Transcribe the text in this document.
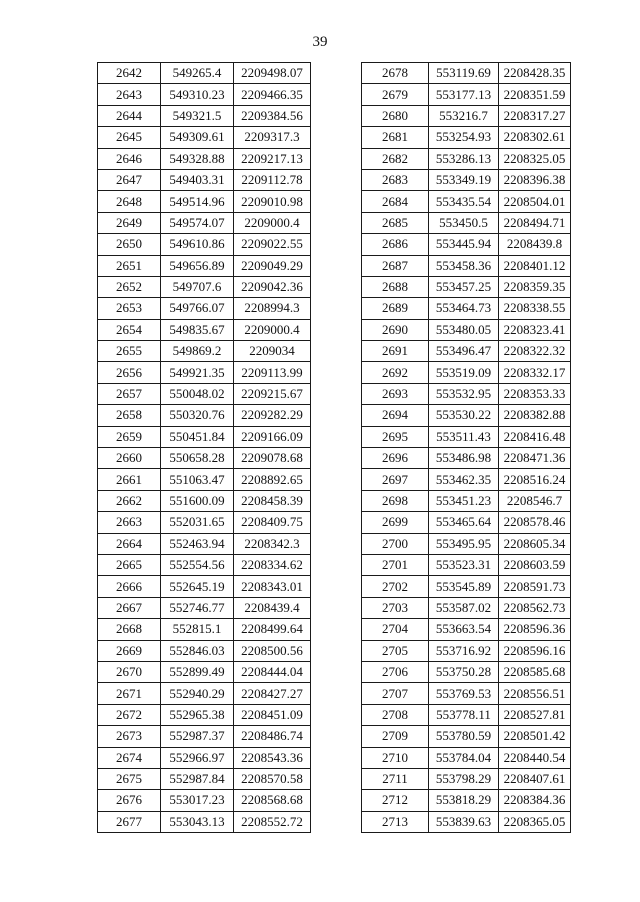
39
2642	549265.4	2209498.07
2643	549310.23	2209466.35
2644	549321.5	2209384.56
2645	549309.61	2209317.3
2646	549328.88	2209217.13
2647	549403.31	2209112.78
2648	549514.96	2209010.98
2649	549574.07	2209000.4
2650	549610.86	2209022.55
2651	549656.89	2209049.29
2652	549707.6	2209042.36
2653	549766.07	2208994.3
2654	549835.67	2209000.4
2655	549869.2	2209034
2656	549921.35	2209113.99
2657	550048.02	2209215.67
2658	550320.76	2209282.29
2659	550451.84	2209166.09
2660	550658.28	2209078.68
2661	551063.47	2208892.65
2662	551600.09	2208458.39
2663	552031.65	2208409.75
2664	552463.94	2208342.3
2665	552554.56	2208334.62
2666	552645.19	2208343.01
2667	552746.77	2208439.4
2668	552815.1	2208499.64
2669	552846.03	2208500.56
2670	552899.49	2208444.04
2671	552940.29	2208427.27
2672	552965.38	2208451.09
2673	552987.37	2208486.74
2674	552966.97	2208543.36
2675	552987.84	2208570.58
2676	553017.23	2208568.68
2677	553043.13	2208552.72
2678	553119.69	2208428.35
2679	553177.13	2208351.59
2680	553216.7	2208317.27
2681	553254.93	2208302.61
2682	553286.13	2208325.05
2683	553349.19	2208396.38
2684	553435.54	2208504.01
2685	553450.5	2208494.71
2686	553445.94	2208439.8
2687	553458.36	2208401.12
2688	553457.25	2208359.35
2689	553464.73	2208338.55
2690	553480.05	2208323.41
2691	553496.47	2208322.32
2692	553519.09	2208332.17
2693	553532.95	2208353.33
2694	553530.22	2208382.88
2695	553511.43	2208416.48
2696	553486.98	2208471.36
2697	553462.35	2208516.24
2698	553451.23	2208546.7
2699	553465.64	2208578.46
2700	553495.95	2208605.34
2701	553523.31	2208603.59
2702	553545.89	2208591.73
2703	553587.02	2208562.73
2704	553663.54	2208596.36
2705	553716.92	2208596.16
2706	553750.28	2208585.68
2707	553769.53	2208556.51
2708	553778.11	2208527.81
2709	553780.59	2208501.42
2710	553784.04	2208440.54
2711	553798.29	2208407.61
2712	553818.29	2208384.36
2713	553839.63	2208365.05
